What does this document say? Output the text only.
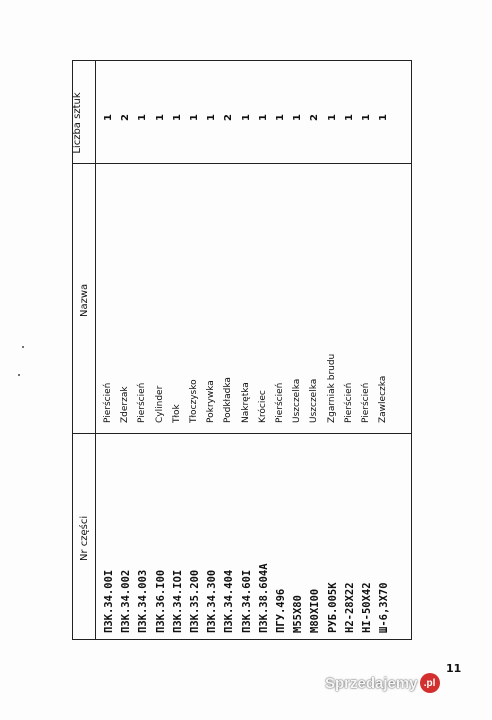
Nr części
Nazwa
Liczba sztuk
ПЗК.34.00I
Pierścień
1
ПЗК.34.002
Zderzak
2
ПЗК.34.003
Pierścień
1
ПЗК.36.I00
Cylinder
1
ПЗК.34.IOI
Tłok
1
ПЗК.35.200
Tłoczysko
1
ПЗК.34.300
Pokrywka
1
ПЗК.34.404
Podkładka
2
ПЗК.34.60I
Nakrętka
1
ПЗК.38.604A
Króciec
1
ПГУ.496
Pierścień
1
M55X80
Uszczelka
1
M80XI00
Uszczelka
2
РУБ.005К
Zgarniak brudu
1
H2-28X22
Pierścień
1
HI-50X42
Pierścień
1
Ш-6,3X70
Zawleczka
1
11
Sprzedajemy .pl
